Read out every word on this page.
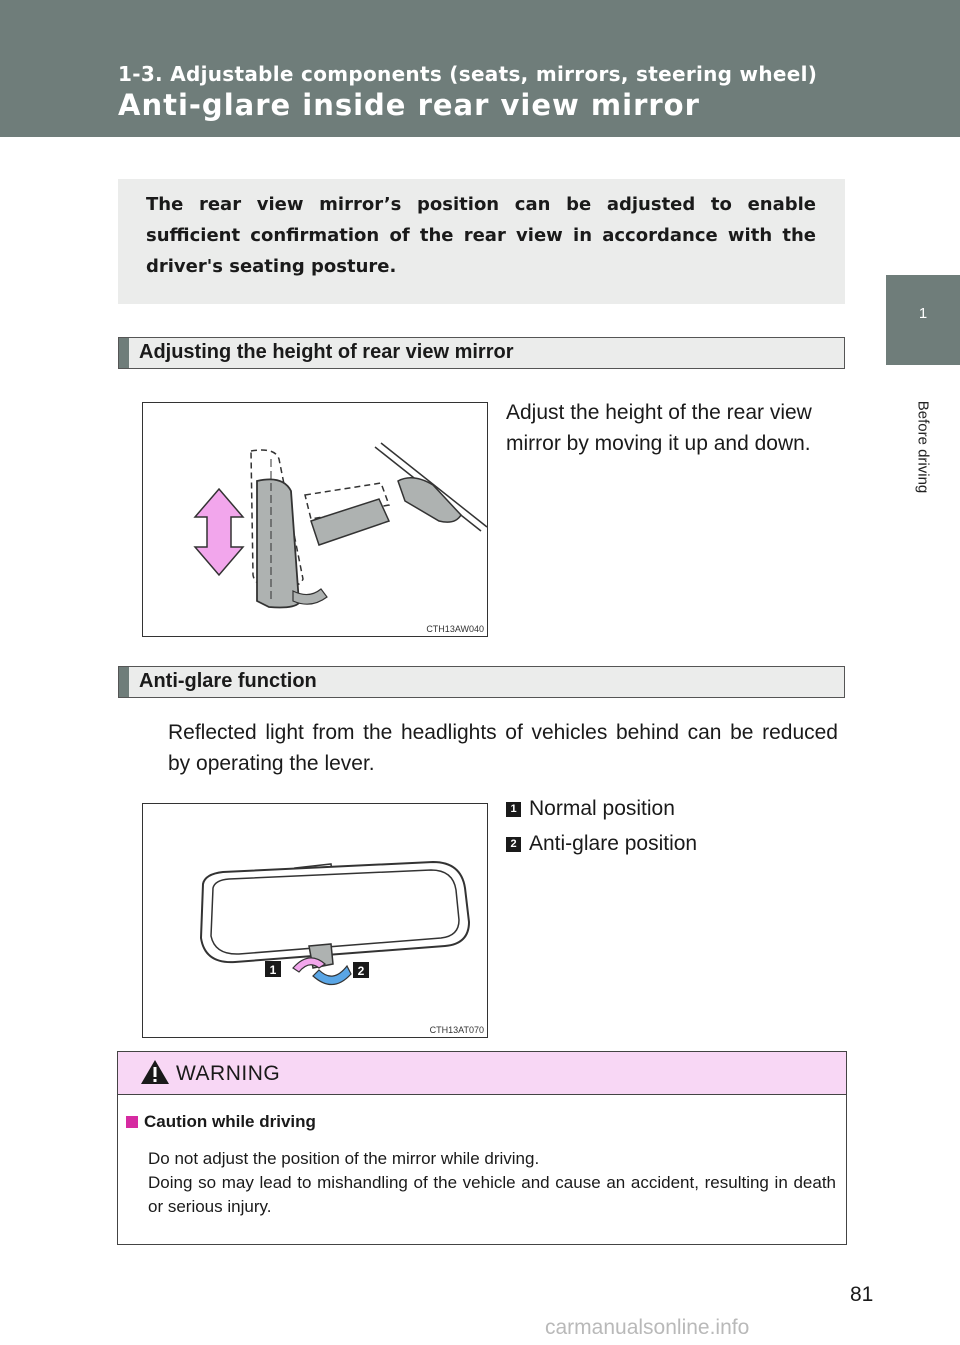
1-3. Adjustable components (seats, mirrors, steering wheel)
Anti-glare inside rear view mirror
1
Before driving
The rear view mirror’s position can be adjusted to enable sufficient confirmation of the rear view in accordance with the driver's seating posture.
Adjusting the height of rear view mirror
CTH13AW040
Adjust the height of the rear view mirror by moving it up and down.
Anti-glare function
Reflected light from the headlights of vehicles behind can be reduced by operating the lever.
1 Normal position
2 Anti-glare position
1	2
CTH13AT070
WARNING
Caution while driving
Do not adjust the position of the mirror while driving.
Doing so may lead to mishandling of the vehicle and cause an accident, resulting in death or serious injury.
81
carmanualsonline.info
